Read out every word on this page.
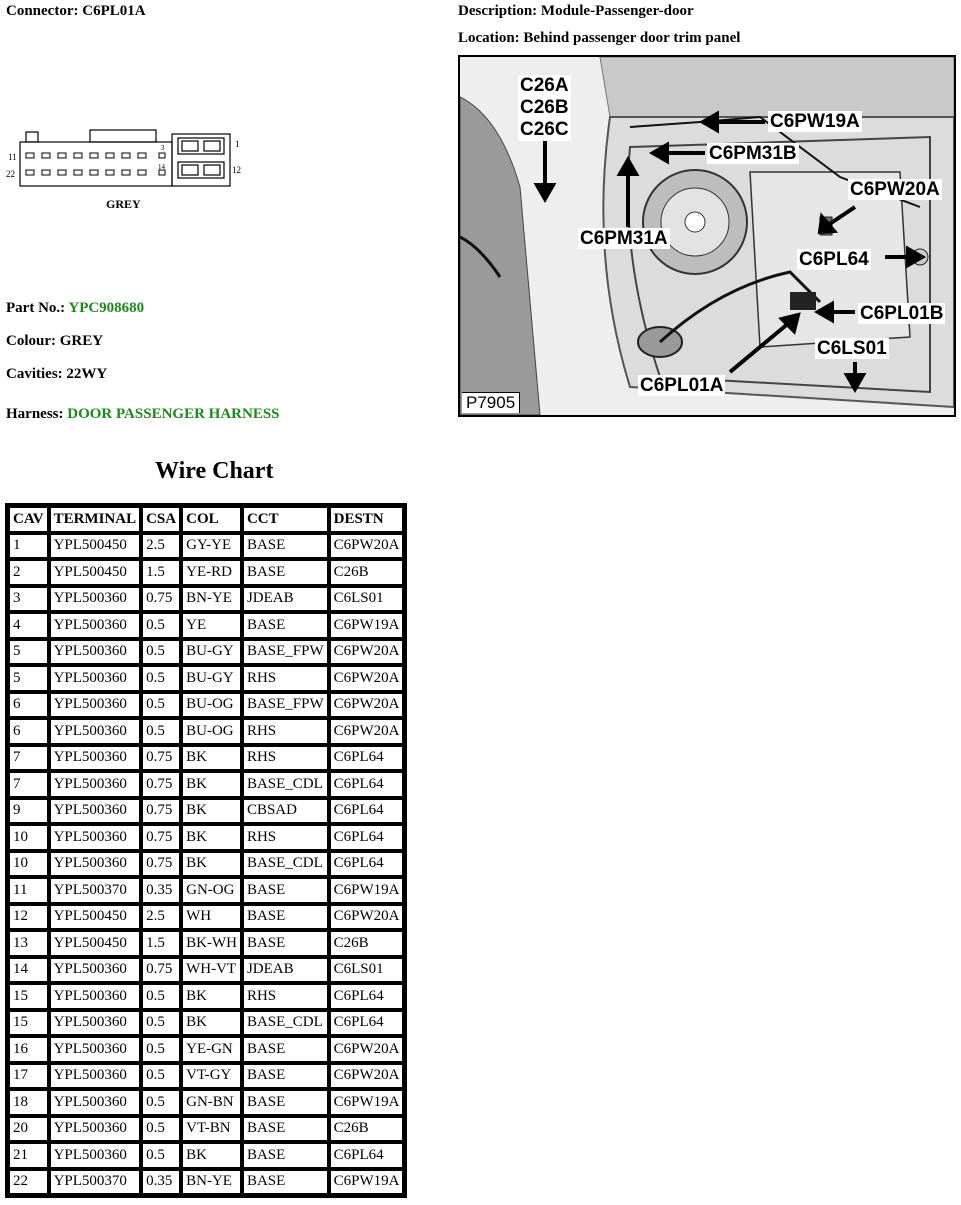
Connector: C6PL01A	Description: Module-Passenger-door
Location: Behind passenger door trim panel
11
22
1
12
3
14
GREY
Part No.: YPC908680
Colour: GREY
Cavities: 22WY
Harness: DOOR PASSENGER HARNESS
C26A
C26B
C26C	C6PW19A
C6PM31B
C6PW20A
C6PM31A
C6PL64
C6PL01B
C6LS01
C6PL01A
P7905
Wire Chart
CAV	TERMINAL	CSA	COL	CCT	DESTN
1	YPL500450	2.5	GY-YE	BASE	C6PW20A
2	YPL500450	1.5	YE-RD	BASE	C26B
3	YPL500360	0.75	BN-YE	JDEAB	C6LS01
4	YPL500360	0.5	YE	BASE	C6PW19A
5	YPL500360	0.5	BU-GY	BASE_FPW	C6PW20A
5	YPL500360	0.5	BU-GY	RHS	C6PW20A
6	YPL500360	0.5	BU-OG	BASE_FPW	C6PW20A
6	YPL500360	0.5	BU-OG	RHS	C6PW20A
7	YPL500360	0.75	BK	RHS	C6PL64
7	YPL500360	0.75	BK	BASE_CDL	C6PL64
9	YPL500360	0.75	BK	CBSAD	C6PL64
10	YPL500360	0.75	BK	RHS	C6PL64
10	YPL500360	0.75	BK	BASE_CDL	C6PL64
11	YPL500370	0.35	GN-OG	BASE	C6PW19A
12	YPL500450	2.5	WH	BASE	C6PW20A
13	YPL500450	1.5	BK-WH	BASE	C26B
14	YPL500360	0.75	WH-VT	JDEAB	C6LS01
15	YPL500360	0.5	BK	RHS	C6PL64
15	YPL500360	0.5	BK	BASE_CDL	C6PL64
16	YPL500360	0.5	YE-GN	BASE	C6PW20A
17	YPL500360	0.5	VT-GY	BASE	C6PW20A
18	YPL500360	0.5	GN-BN	BASE	C6PW19A
20	YPL500360	0.5	VT-BN	BASE	C26B
21	YPL500360	0.5	BK	BASE	C6PL64
22	YPL500370	0.35	BN-YE	BASE	C6PW19A
